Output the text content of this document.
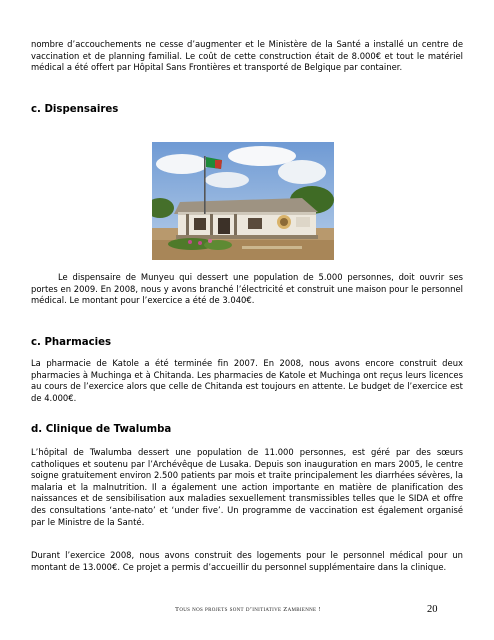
nombre d’accouchements ne cesse d’augmenter et le Ministère de la Santé a installé un centre de vaccination et de planning familial. Le coût de cette construction était de 8.000€ et tout le matériel médical a été offert par Hôpital Sans Frontières et transporté de Belgique par container.

c. Dispensaires

Le dispensaire de Munyeu qui dessert une population de 5.000 personnes, doit ouvrir ses portes en 2009. En 2008, nous y avons branché l’électricité et construit une maison pour le personnel médical. Le montant pour l’exercice a été de 3.040€.

c. Pharmacies

La pharmacie de Katole a été terminée fin 2007. En 2008, nous avons encore construit deux pharmacies à Muchinga et à Chitanda. Les pharmacies de Katole et Muchinga ont reçus leurs licences au cours de l’exercice alors que celle de Chitanda est toujours en attente. Le budget de l’exercice est de 4.000€.

d. Clinique de Twalumba

L’hôpital de Twalumba dessert une population de 11.000 personnes, est géré par des sœurs catholiques et soutenu par l’Archévêque de Lusaka. Depuis son inauguration en mars 2005, le centre soigne gratuitement environ 2.500 patients par mois et traite principalement les diarrhées sévères, la malaria et la malnutrition. Il a également une action importante en matière de planification des naissances et de sensibilisation aux maladies sexuellement transmissibles telles que le SIDA et offre des consultations ‘ante-nato’ et ‘under five’. Un programme de vaccination est également organisé par le Ministre de la Santé.

Durant l’exercice 2008, nous avons construit des logements pour le personnel médical pour un montant de 13.000€. Ce projet a permis d’accueillir du personnel supplémentaire dans la clinique.

Tous nos projets sont d’initiative Zambienne !	20
